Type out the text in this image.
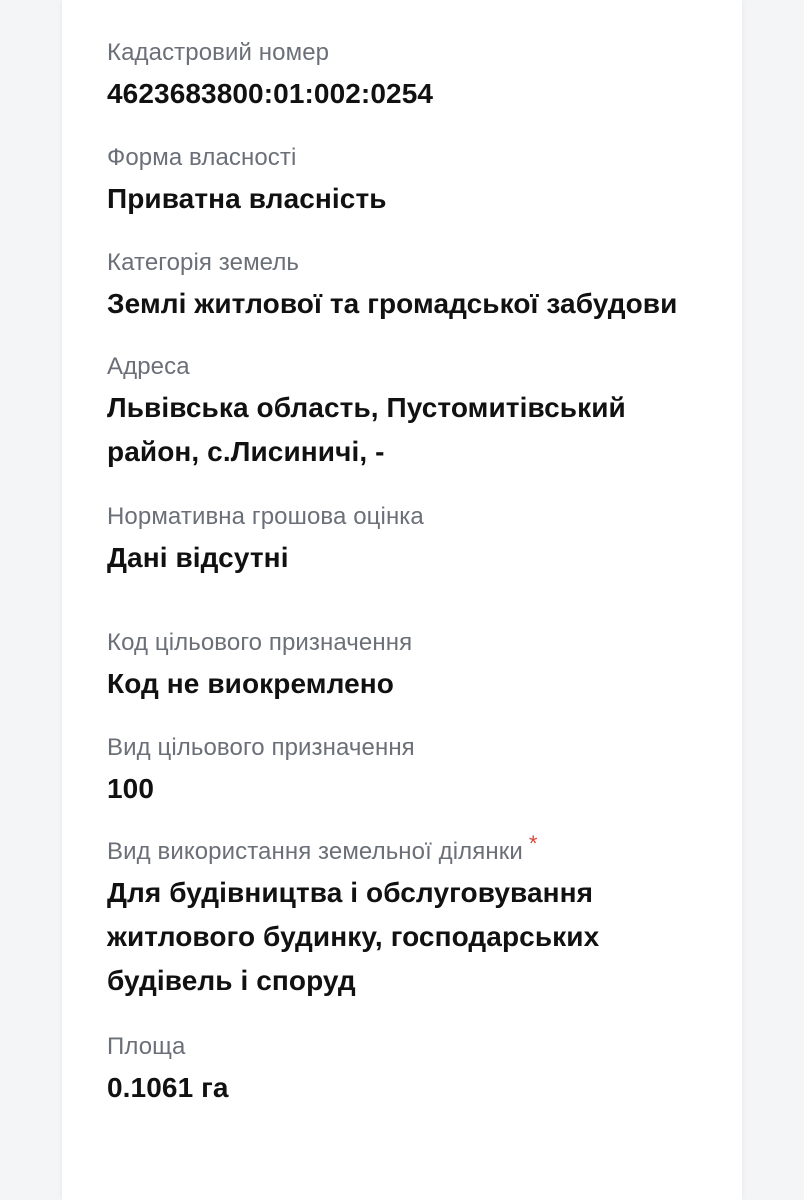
Кадастровий номер
4623683800:01:002:0254
Форма власності
Приватна власність
Категорія земель
Землі житлової та громадської забудови
Адреса
Львівська область, Пустомитівський район, с.Лисиничі, -
Нормативна грошова оцінка
Дані відсутні
Код цільового призначення
Код не виокремлено
Вид цільового призначення
100
Вид використання земельної ділянки *
Для будівництва і обслуговування житлового будинку, господарських будівель і споруд
Площа
0.1061 га
